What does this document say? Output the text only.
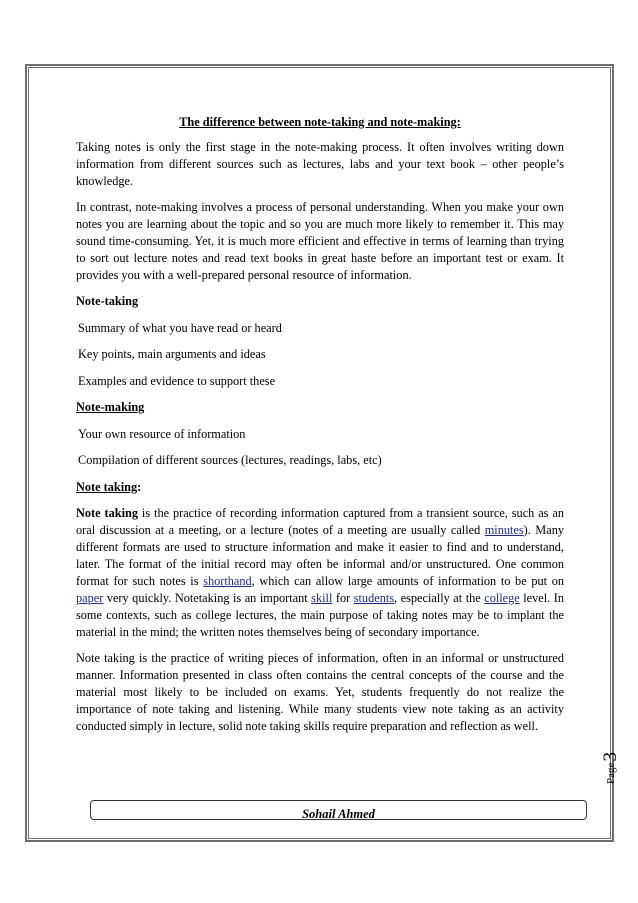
The difference between note-taking and note-making:

Taking notes is only the first stage in the note-making process. It often involves writing down information from different sources such as lectures, labs and your text book – other people’s knowledge.

In contrast, note-making involves a process of personal understanding. When you make your own notes you are learning about the topic and so you are much more likely to remember it. This may sound time-consuming. Yet, it is much more efficient and effective in terms of learning than trying to sort out lecture notes and read text books in great haste before an important test or exam. It provides you with a well-prepared personal resource of information.

Note-taking
Summary of what you have read or heard
Key points, main arguments and ideas
Examples and evidence to support these
Note-making
Your own resource of information
Compilation of different sources (lectures, readings, labs, etc)
Note taking:

Note taking is the practice of recording information captured from a transient source, such as an oral discussion at a meeting, or a lecture (notes of a meeting are usually called minutes). Many different formats are used to structure information and make it easier to find and to understand, later. The format of the initial record may often be informal and/or unstructured. One common format for such notes is shorthand, which can allow large amounts of information to be put on paper very quickly. Notetaking is an important skill for students, especially at the college level. In some contexts, such as college lectures, the main purpose of taking notes may be to implant the material in the mind; the written notes themselves being of secondary importance.

Note taking is the practice of writing pieces of information, often in an informal or unstructured manner. Information presented in class often contains the central concepts of the course and the material most likely to be included on exams. Yet, students frequently do not realize the importance of note taking and listening. While many students view note taking as an activity conducted simply in lecture, solid note taking skills require preparation and reflection as well.

Page
3
Sohail Ahmed
